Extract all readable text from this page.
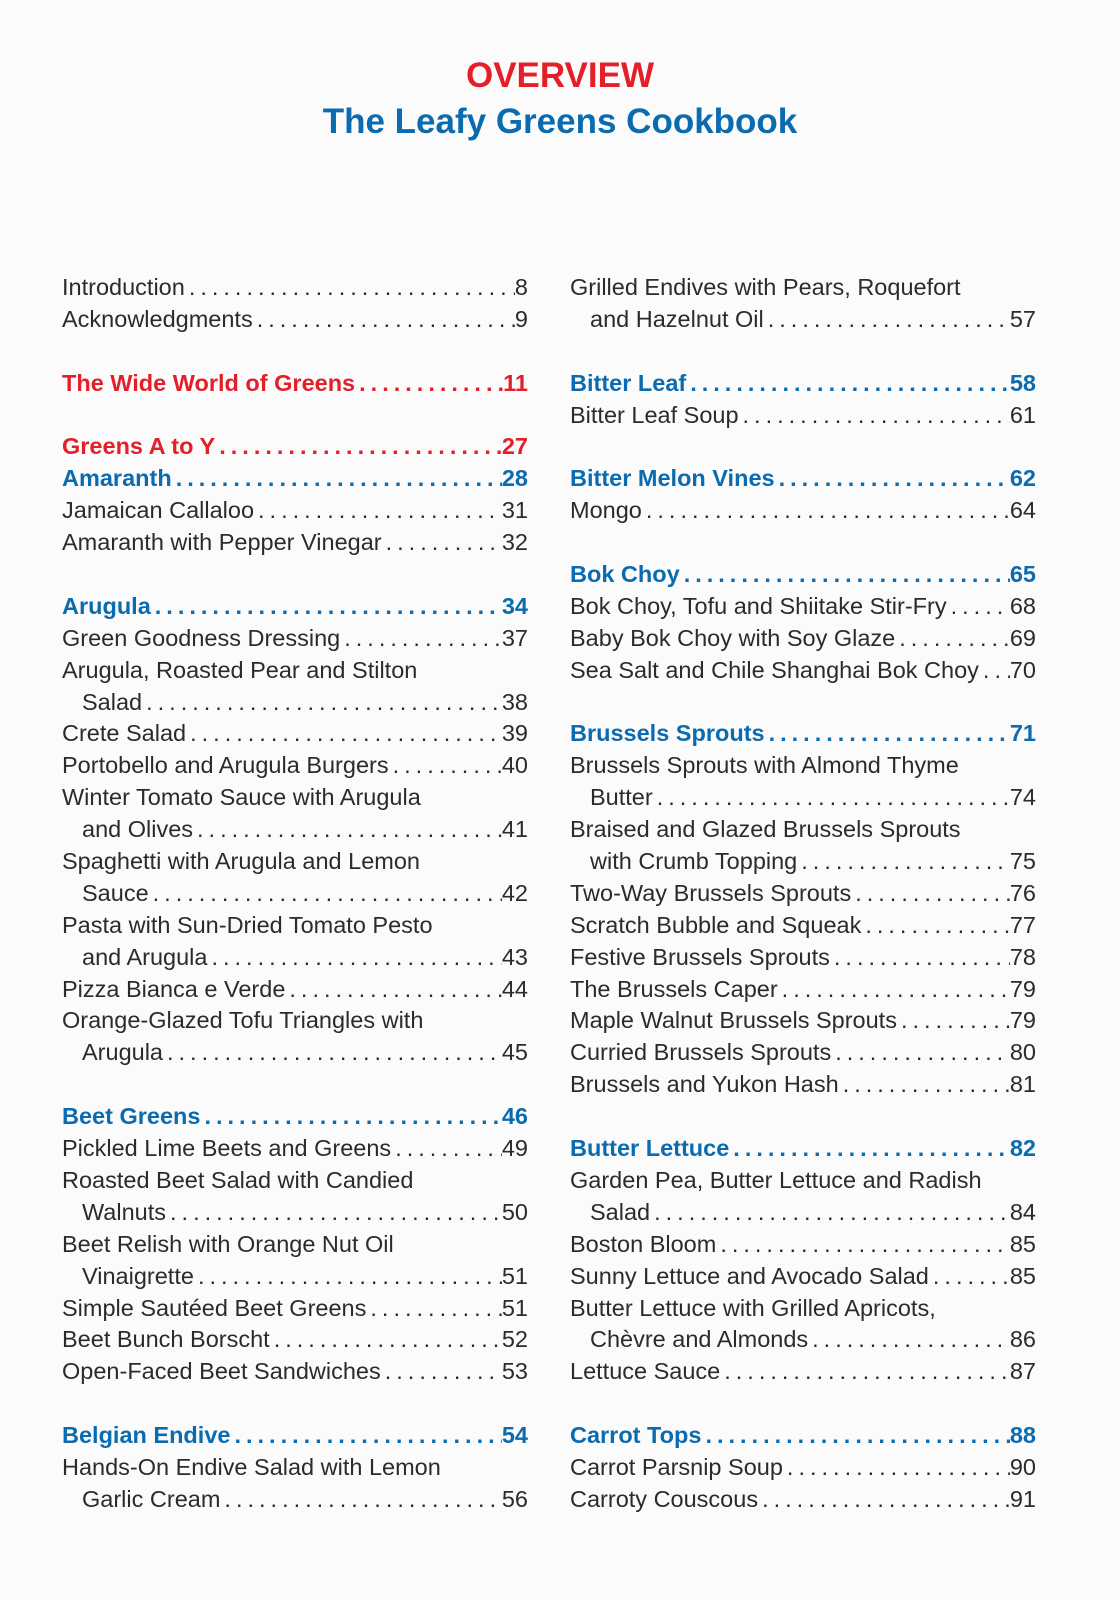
OVERVIEW
The Leafy Greens Cookbook
Introduction .....	8
Acknowledgments .....	9
The Wide World of Greens .....	11
Greens A to Y .....	27
Amaranth .....	28
Jamaican Callaloo .....	31
Amaranth with Pepper Vinegar .....	32
Arugula .....	34
Green Goodness Dressing .....	37
Arugula, Roasted Pear and Stilton
Salad .....	38
Crete Salad .....	39
Portobello and Arugula Burgers .....	40
Winter Tomato Sauce with Arugula
and Olives .....	41
Spaghetti with Arugula and Lemon
Sauce .....	42
Pasta with Sun-Dried Tomato Pesto
and Arugula .....	43
Pizza Bianca e Verde .....	44
Orange-Glazed Tofu Triangles with
Arugula .....	45
Beet Greens .....	46
Pickled Lime Beets and Greens .....	49
Roasted Beet Salad with Candied
Walnuts .....	50
Beet Relish with Orange Nut Oil
Vinaigrette .....	51
Simple Sautéed Beet Greens .....	51
Beet Bunch Borscht .....	52
Open-Faced Beet Sandwiches .....	53
Belgian Endive .....	54
Hands-On Endive Salad with Lemon
Garlic Cream .....	56
Grilled Endives with Pears, Roquefort
and Hazelnut Oil .....	57
Bitter Leaf .....	58
Bitter Leaf Soup .....	61
Bitter Melon Vines .....	62
Mongo .....	64
Bok Choy .....	65
Bok Choy, Tofu and Shiitake Stir-Fry .....	68
Baby Bok Choy with Soy Glaze .....	69
Sea Salt and Chile Shanghai Bok Choy ..... 70
Brussels Sprouts .....	71
Brussels Sprouts with Almond Thyme
Butter .....	74
Braised and Glazed Brussels Sprouts
with Crumb Topping .....	75
Two-Way Brussels Sprouts .....	76
Scratch Bubble and Squeak .....	77
Festive Brussels Sprouts .....	78
The Brussels Caper .....	79
Maple Walnut Brussels Sprouts .....	79
Curried Brussels Sprouts .....	80
Brussels and Yukon Hash .....	81
Butter Lettuce .....	82
Garden Pea, Butter Lettuce and Radish
Salad .....	84
Boston Bloom .....	85
Sunny Lettuce and Avocado Salad .....	85
Butter Lettuce with Grilled Apricots,
Chèvre and Almonds .....	86
Lettuce Sauce .....	87
Carrot Tops .....	88
Carrot Parsnip Soup .....	90
Carroty Couscous .....	91
